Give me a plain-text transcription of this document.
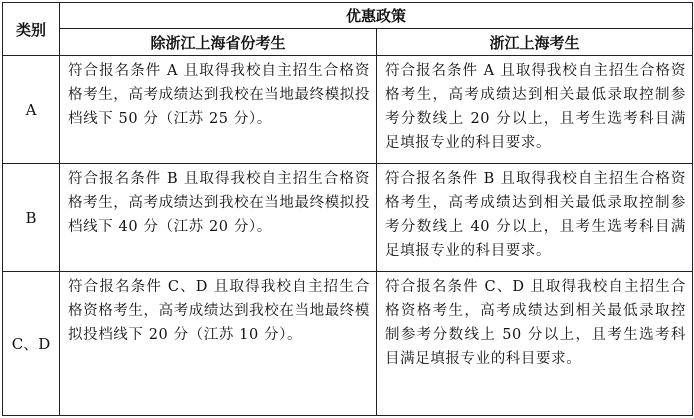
类别	优惠政策	
	除浙江上海省份考生	浙江上海考生
A	符合报名条件 A 且取得我校自主招生合格资格考生，高考成绩达到我校在当地最终模拟投档线下 50 分（江苏 25 分）。	符合报名条件 A 且取得我校自主招生合格资格考生，高考成绩达到相关最低录取控制参考分数线上 20 分以上，且考生选考科目满足填报专业的科目要求。
B	符合报名条件 B 且取得我校自主招生合格资格考生，高考成绩达到我校在当地最终模拟投档线下 40 分（江苏 20 分）。	符合报名条件 B 且取得我校自主招生合格资格考生，高考成绩达到相关最低录取控制参考分数线上 40 分以上，且考生选考科目满足填报专业的科目要求。
C、D	符合报名条件 C、D 且取得我校自主招生合格资格考生，高考成绩达到我校在当地最终模拟投档线下 20 分（江苏 10 分）。	符合报名条件 C、D 且取得我校自主招生合格资格考生，高考成绩达到相关最低录取控制参考分数线上 50 分以上，且考生选考科目满足填报专业的科目要求。
